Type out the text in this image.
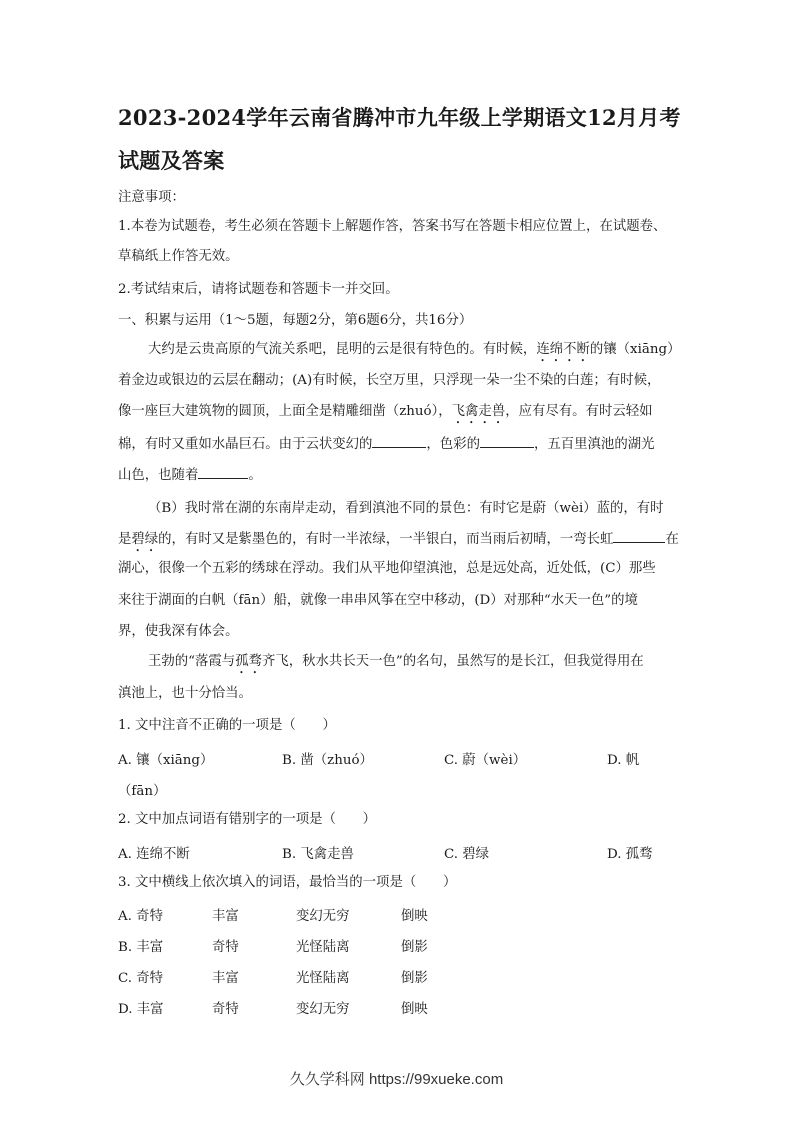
2023-2024学年云南省腾冲市九年级上学期语文12月月考
试题及答案
注意事项：
1.本卷为试题卷，考生必须在答题卡上解题作答，答案书写在答题卡相应位置上，在试题卷、
草稿纸上作答无效。
2.考试结束后，请将试题卷和答题卡一并交回。
一、积累与运用（1～5题，每题2分，第6题6分，共16分）
大约是云贵高原的气流关系吧，昆明的云是很有特色的。有时候，连绵不断的镶（xiāng）
着金边或银边的云层在翻动；(A)有时候，长空万里，只浮现一朵一尘不染的白莲；有时候，
像一座巨大建筑物的圆顶，上面全是精雕细凿（zhuó），飞禽走兽，应有尽有。有时云轻如
棉，有时又重如水晶巨石。由于云状变幻的	，色彩的	，五百里滇池的湖光
山色，也随着	。
（B）我时常在湖的东南岸走动，看到滇池不同的景色：有时它是蔚（wèi）蓝的，有时
是碧绿的，有时又是紫墨色的，有时一半浓绿，一半银白，而当雨后初晴，一弯长虹	在
湖心，很像一个五彩的绣球在浮动。我们从平地仰望滇池，总是远处高，近处低，(C）那些
来往于湖面的白帆（fān）船，就像一串串风筝在空中移动，(D）对那种“水天一色”的境
界，使我深有体会。
王勃的“落霞与孤骛齐飞，秋水共长天一色”的名句，虽然写的是长江，但我觉得用在
滇池上，也十分恰当。
1. 文中注音不正确的一项是（　　）
A. 镶（xiāng）	B. 凿（zhuó）	C. 蔚（wèi）	D. 帆
（fān）
2. 文中加点词语有错别字的一项是（　　）
A. 连绵不断	B. 飞禽走兽	C. 碧绿	D. 孤骛
3. 文中横线上依次填入的词语，最恰当的一项是（　　）
A. 奇特	丰富	变幻无穷	倒映
B. 丰富	奇特	光怪陆离	倒影
C. 奇特	丰富	光怪陆离	倒影
D. 丰富	奇特	变幻无穷	倒映
久久学科网 https://99xueke.com
